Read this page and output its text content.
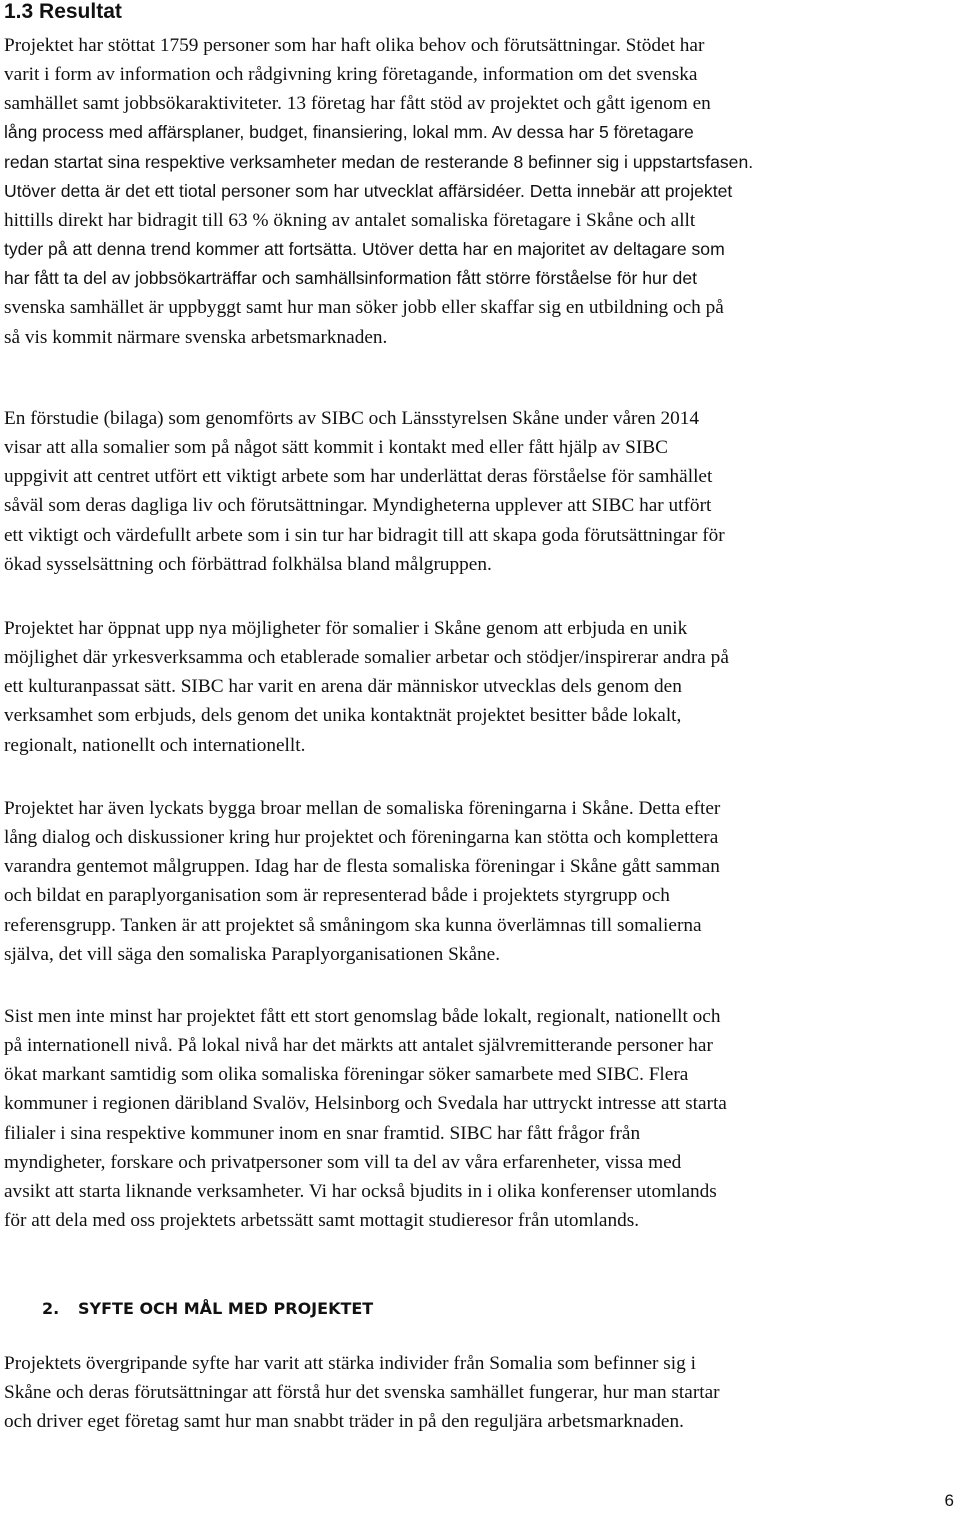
1.3 Resultat

Projektet har stöttat 1759 personer som har haft olika behov och förutsättningar. Stödet har
varit i form av information och rådgivning kring företagande, information om det svenska
samhället samt jobbsökaraktiviteter. 13 företag har fått stöd av projektet och gått igenom en
lång process med affärsplaner, budget, finansiering, lokal mm. Av dessa har 5 företagare
redan startat sina respektive verksamheter medan de resterande 8 befinner sig i uppstartsfasen.
Utöver detta är det ett tiotal personer som har utvecklat affärsidéer. Detta innebär att projektet
hittills direkt har bidragit till 63 % ökning av antalet somaliska företagare i Skåne och allt
tyder på att denna trend kommer att fortsätta. Utöver detta har en majoritet av deltagare som
har fått ta del av jobbsökarträffar och samhällsinformation fått större förståelse för hur det
svenska samhället är uppbyggt samt hur man söker jobb eller skaffar sig en utbildning och på
så vis kommit närmare svenska arbetsmarknaden.

En förstudie (bilaga) som genomförts av SIBC och Länsstyrelsen Skåne under våren 2014
visar att alla somalier som på något sätt kommit i kontakt med eller fått hjälp av SIBC
uppgivit att centret utfört ett viktigt arbete som har underlättat deras förståelse för samhället
såväl som deras dagliga liv och förutsättningar. Myndigheterna upplever att SIBC har utfört
ett viktigt och värdefullt arbete som i sin tur har bidragit till att skapa goda förutsättningar för
ökad sysselsättning och förbättrad folkhälsa bland målgruppen.

Projektet har öppnat upp nya möjligheter för somalier i Skåne genom att erbjuda en unik
möjlighet där yrkesverksamma och etablerade somalier arbetar och stödjer/inspirerar andra på
ett kulturanpassat sätt. SIBC har varit en arena där människor utvecklas dels genom den
verksamhet som erbjuds, dels genom det unika kontaktnät projektet besitter både lokalt,
regionalt, nationellt och internationellt.

Projektet har även lyckats bygga broar mellan de somaliska föreningarna i Skåne. Detta efter
lång dialog och diskussioner kring hur projektet och föreningarna kan stötta och komplettera
varandra gentemot målgruppen. Idag har de flesta somaliska föreningar i Skåne gått samman
och bildat en paraplyorganisation som är representerad både i projektets styrgrupp och
referensgrupp. Tanken är att projektet så småningom ska kunna överlämnas till somalierna
själva, det vill säga den somaliska Paraplyorganisationen Skåne.

Sist men inte minst har projektet fått ett stort genomslag både lokalt, regionalt, nationellt och
på internationell nivå. På lokal nivå har det märkts att antalet självremitterande personer har
ökat markant samtidig som olika somaliska föreningar söker samarbete med SIBC. Flera
kommuner i regionen däribland Svalöv, Helsinborg och Svedala har uttryckt intresse att starta
filialer i sina respektive kommuner inom en snar framtid. SIBC har fått frågor från
myndigheter, forskare och privatpersoner som vill ta del av våra erfarenheter, vissa med
avsikt att starta liknande verksamheter. Vi har också bjudits in i olika konferenser utomlands
för att dela med oss projektets arbetssätt samt mottagit studieresor från utomlands.

2. SYFTE OCH MÅL MED PROJEKTET

Projektets övergripande syfte har varit att stärka individer från Somalia som befinner sig i
Skåne och deras förutsättningar att förstå hur det svenska samhället fungerar, hur man startar
och driver eget företag samt hur man snabbt träder in på den reguljära arbetsmarknaden.

6
